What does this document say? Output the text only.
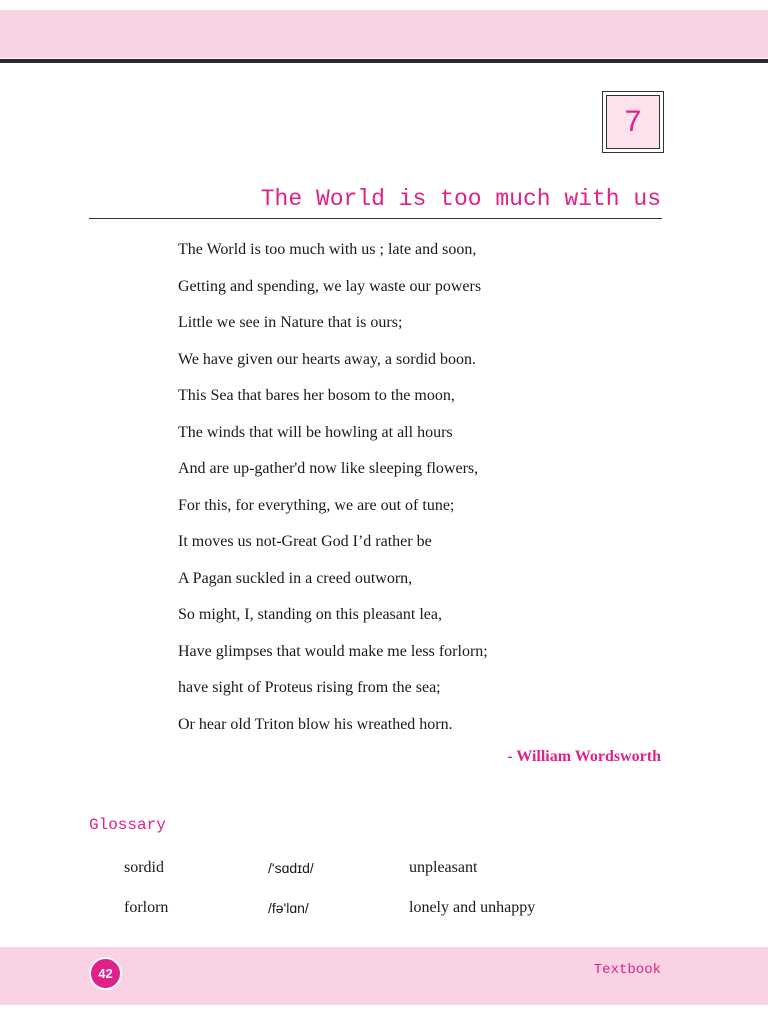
7
The World is too much with us
The World is too much with us ; late and soon,
Getting and spending, we lay waste our powers
Little we see in Nature that is ours;
We have given our hearts away, a sordid boon.
This Sea that bares her bosom to the moon,
The winds that will be howling at all hours
And are up-gather'd now like sleeping flowers,
For this, for everything, we are out of tune;
It moves us not-Great God I’d rather be
A Pagan suckled in a creed outworn,
So might, I, standing on this pleasant lea,
Have glimpses that would make me less forlorn;
have sight of Proteus rising from the sea;
Or hear old Triton blow his wreathed horn.
- William Wordsworth
Glossary
sordid	/'sɑdɪd/	unpleasant
forlorn	/fə'lɑn/	lonely and unhappy
42	Textbook
